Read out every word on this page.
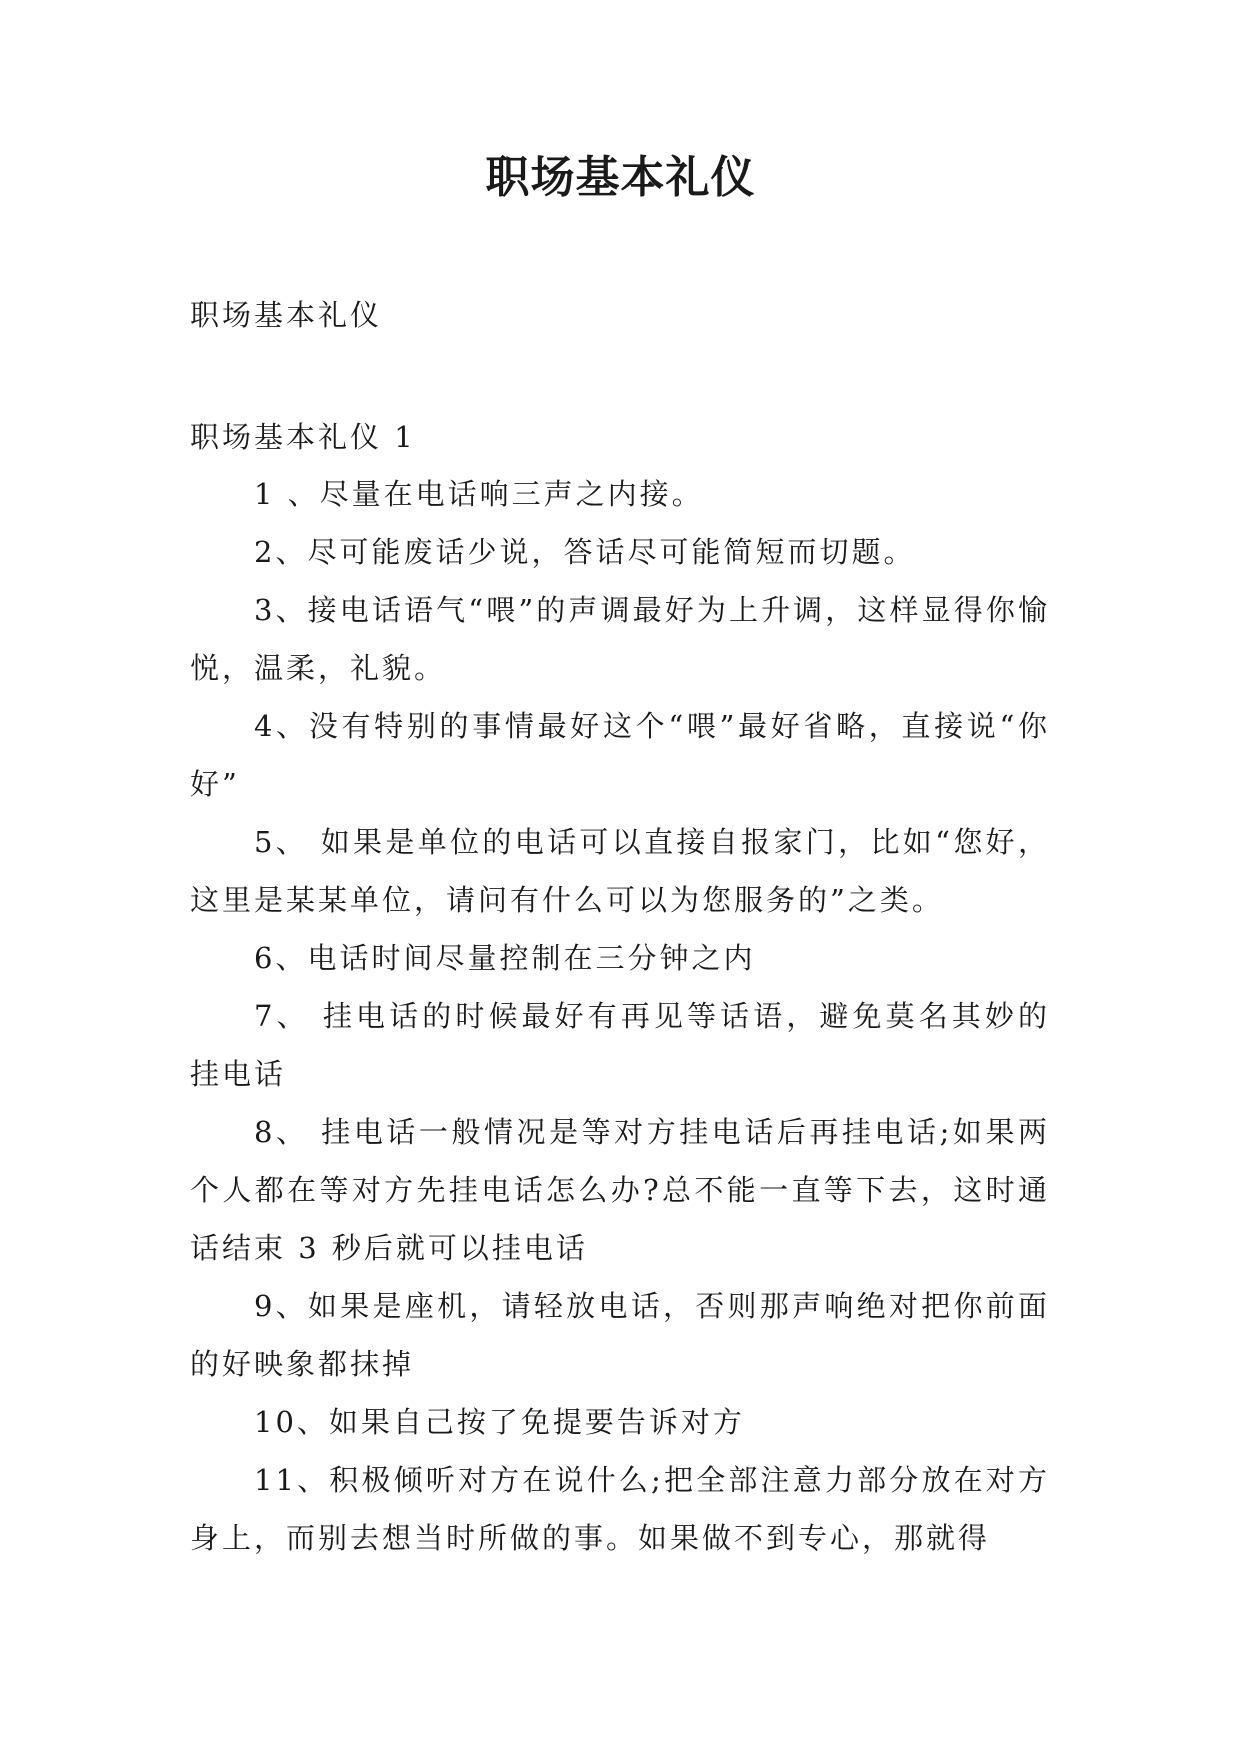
职场基本礼仪

职场基本礼仪

职场基本礼仪 1

1 、尽量在电话响三声之内接。
2、尽可能废话少说，答话尽可能简短而切题。
3、接电话语气“喂”的声调最好为上升调，这样显得你愉悦，温柔，礼貌。
4、没有特别的事情最好这个“喂”最好省略，直接说“你好”
5、 如果是单位的电话可以直接自报家门，比如“您好，这里是某某单位，请问有什么可以为您服务的”之类。
6、电话时间尽量控制在三分钟之内
7、 挂电话的时候最好有再见等话语，避免莫名其妙的挂电话
8、 挂电话一般情况是等对方挂电话后再挂电话;如果两个人都在等对方先挂电话怎么办?总不能一直等下去，这时通话结束 3 秒后就可以挂电话
9、如果是座机，请轻放电话，否则那声响绝对把你前面的好映象都抹掉
10、如果自己按了免提要告诉对方
11、积极倾听对方在说什么;把全部注意力部分放在对方身上，而别去想当时所做的事。如果做不到专心，那就得
